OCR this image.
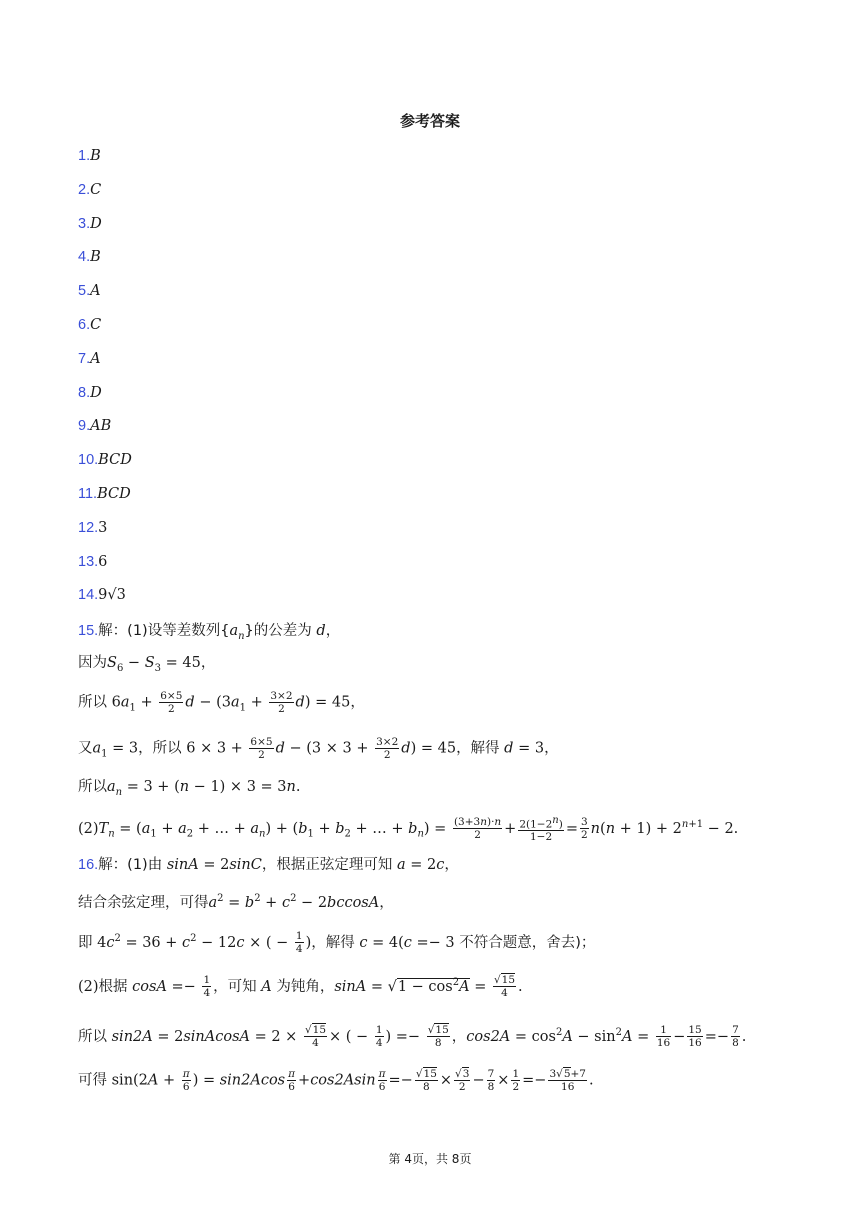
参考答案
1.B
2.C
3.D
4.B
5.A
6.C
7.A
8.D
9.AB
10.BCD
11.BCD
12.3
13.6
14.9√3
15.解：(1)设等差数列$\{a_n\}$的公差为 d，
因为$S_6 - S_3 = 45$，
所以 $6a_1 + \frac{6\times 5}{2}$ $d - (3a_1 + \frac{3\times 2}{2} d) = 45$，
又$a_1 = 3$，所以 $6 \times 3 + \frac{6\times 5}{2}$ $d - (3 \times 3 + \frac{3\times 2}{2} d) = 45$，解得 d = 3，
所以$a_n = 3 + (n - 1) \times 3 = 3n$.
$(2)T_n = (a_1 + a_2$ + … + $a_n) + (b_1 + b_2$ + … + $b_n) = \frac{(3+3n)\cdot n}{2} + \frac{2(1-2^n)}{1-2} = \frac{3}{2} n(n + 1) + 2^{n+1} - 2$.
16.解：(1)由 sinA = 2sinC，根据正弦定理可知 a = 2c，
结合余弦定理，可得$a^2 = b^2 + c^2 - 2bccosA$，
即 $4c^2 = 36 + c^2 - 12c$ × ( − $\frac{1}{4}$ )，解得 c = 4(c =− 3 不符合题意，舍去)；
(2)根据 $\cos A =- \frac{1}{4}$ ，可知 A 为钝角，$\sin A = √1 - \cos^2A = \frac{√15}{4}$ .
所以 sin2A = 2sinAcosA = $2 \times \frac{√15}{4}$ × ( − $\frac{1}{4}$ ) =− $\frac{√15}{8}$ ，$\cos 2A = \cos^2A - \sin^2A = \frac{1}{16} - \frac{15}{16} =- \frac{7}{8}$ .
可得 $\sin(2A + \frac{\pi}{6}$ ) = $\sin 2Acos \frac{\pi}{6} +\cos 2Asin \frac{\pi}{6} =- \frac{√15}{8} \times \frac{√3}{2} - \frac{7}{8} \times \frac{1}{2} =- \frac{3√5+7}{16}$ .
第 4页，共 8页
